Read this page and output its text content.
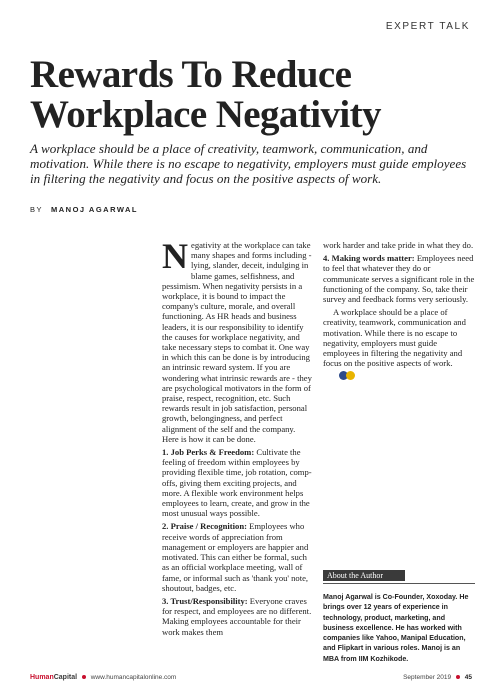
EXPERT TALK
Rewards To Reduce
Workplace Negativity

A workplace should be a place of creativity, teamwork, communication, and motivation. While there is no escape to negativity, employers must guide employees in filtering the negativity and focus on the positive aspects of work.

BY MANOJ AGARWAL

Negativity at the workplace can take many shapes and forms including - lying, slander, deceit, indulging in blame games, selfishness, and pessimism. When negativity persists in a workplace, it is bound to impact the company's culture, morale, and overall functioning. As HR heads and business leaders, it is our responsibility to identify the causes for workplace negativity, and take necessary steps to combat it. One way in which this can be done is by introducing an intrinsic reward system. If you are wondering what intrinsic rewards are - they are psychological motivators in the form of praise, respect, recognition, etc. Such rewards result in job satisfaction, personal growth, belongingness, and perfect alignment of the self and the company. Here is how it can be done.

1. Job Perks & Freedom: Cultivate the feeling of freedom within employees by providing flexible time, job rotation, comp-offs, giving them exciting projects, and more. A flexible work environment helps employees to learn, create, and grow in the most unusual ways possible.

2. Praise / Recognition: Employees who receive words of appreciation from management or employers are happier and motivated. This can either be formal, such as an official workplace meeting, wall of fame, or informal such as 'thank you' note, shoutout, badges, etc.

3. Trust/Responsibility: Everyone craves for respect, and employees are no different. Making employees accountable for their work makes them

work harder and take pride in what they do.

4. Making words matter: Employees need to feel that whatever they do or communicate serves a significant role in the functioning of the company. So, take their survey and feedback forms very seriously.

A workplace should be a place of creativity, teamwork, communication and motivation. While there is no escape to negativity, employers must guide employees in filtering the negativity and focus on the positive aspects of work.C

About the Author

Manoj Agarwal is Co-Founder, Xoxoday. He brings over 12 years of experience in technology, product, marketing, and business excellence. He has worked with companies like Yahoo, Manipal Education, and Flipkart in various roles. Manoj is an MBA from IIM Kozhikode.

HumanCapital www.humancapitalonline.com	September 2019 45
